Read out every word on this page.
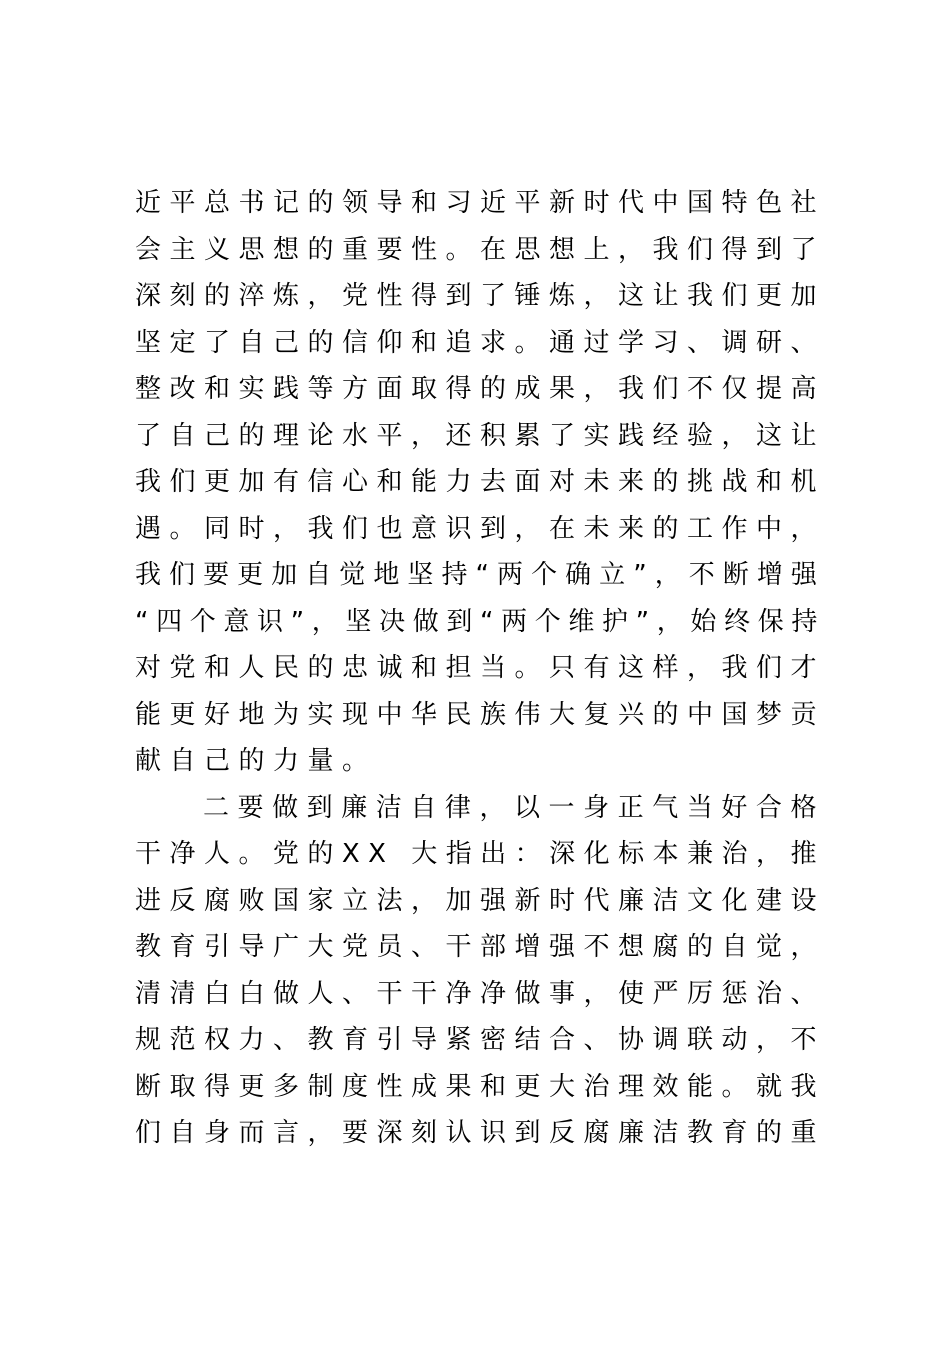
近平总书记的领导和习近平新时代中国特色社
会主义思想的重要性。在思想上，我们得到了
深刻的淬炼，党性得到了锤炼，这让我们更加
坚定了自己的信仰和追求。通过学习、调研、
整改和实践等方面取得的成果，我们不仅提高
了自己的理论水平，还积累了实践经验，这让
我们更加有信心和能力去面对未来的挑战和机
遇。同时，我们也意识到，在未来的工作中，
我们要更加自觉地坚持“两个确立”，不断增强
“四个意识”，坚决做到“两个维护”，始终保持
对党和人民的忠诚和担当。只有这样，我们才
能更好地为实现中华民族伟大复兴的中国梦贡
献自己的力量。
二要做到廉洁自律，以一身正气当好合格
干净人。党的XX 大指出：深化标本兼治，推
进反腐败国家立法，加强新时代廉洁文化建设
教育引导广大党员、干部增强不想腐的自觉，
清清白白做人、干干净净做事，使严厉惩治、
规范权力、教育引导紧密结合、协调联动，不
断取得更多制度性成果和更大治理效能。就我
们自身而言，要深刻认识到反腐廉洁教育的重
